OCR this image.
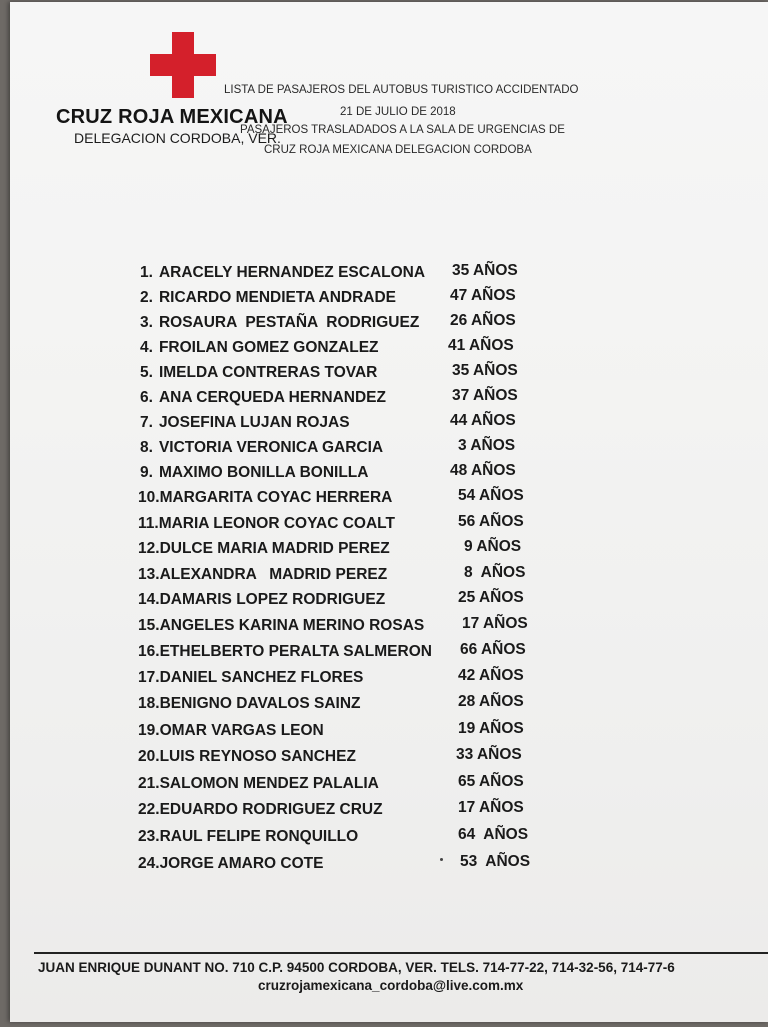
CRUZ ROJA MEXICANA
DELEGACION CORDOBA, VER.
LISTA DE PASAJEROS DEL AUTOBUS TURISTICO ACCIDENTADO
21 DE JULIO DE 2018
PASAJEROS TRASLADADOS A LA SALA DE URGENCIAS DE
CRUZ ROJA MEXICANA DELEGACION CORDOBA
1. ARACELY HERNANDEZ ESCALONA 35 AÑOS
2. RICARDO MENDIETA ANDRADE	47 AÑOS
3. ROSAURA  PESTAÑA  RODRIGUEZ 26 AÑOS
4. FROILAN GOMEZ GONZALEZ	41 AÑOS
5. IMELDA CONTRERAS TOVAR	35 AÑOS
6. ANA CERQUEDA HERNANDEZ	37 AÑOS
7. JOSEFINA LUJAN ROJAS	44 AÑOS
8. VICTORIA VERONICA GARCIA	3 AÑOS
9. MAXIMO BONILLA BONILLA	48 AÑOS
10.MARGARITA COYAC HERRERA	54 AÑOS
11.MARIA LEONOR COYAC COALT	56 AÑOS
12.DULCE MARIA MADRID PEREZ	9 AÑOS
13.ALEXANDRA   MADRID PEREZ	8  AÑOS
14.DAMARIS LOPEZ RODRIGUEZ	25 AÑOS
15.ANGELES KARINA MERINO ROSAS 17 AÑOS
16.ETHELBERTO PERALTA SALMERON 66 AÑOS
17.DANIEL SANCHEZ FLORES	42 AÑOS
18.BENIGNO DAVALOS SAINZ	28 AÑOS
19.OMAR VARGAS LEON	19 AÑOS
20.LUIS REYNOSO SANCHEZ	33 AÑOS
21.SALOMON MENDEZ PALALIA	65 AÑOS
22.EDUARDO RODRIGUEZ CRUZ	17 AÑOS
23.RAUL FELIPE RONQUILLO	64  AÑOS
24.JORGE AMARO COTE	53  AÑOS
JUAN ENRIQUE DUNANT NO. 710 C.P. 94500 CORDOBA, VER. TELS. 714-77-22, 714-32-56, 714-77-6
cruzrojamexicana_cordoba@live.com.mx
